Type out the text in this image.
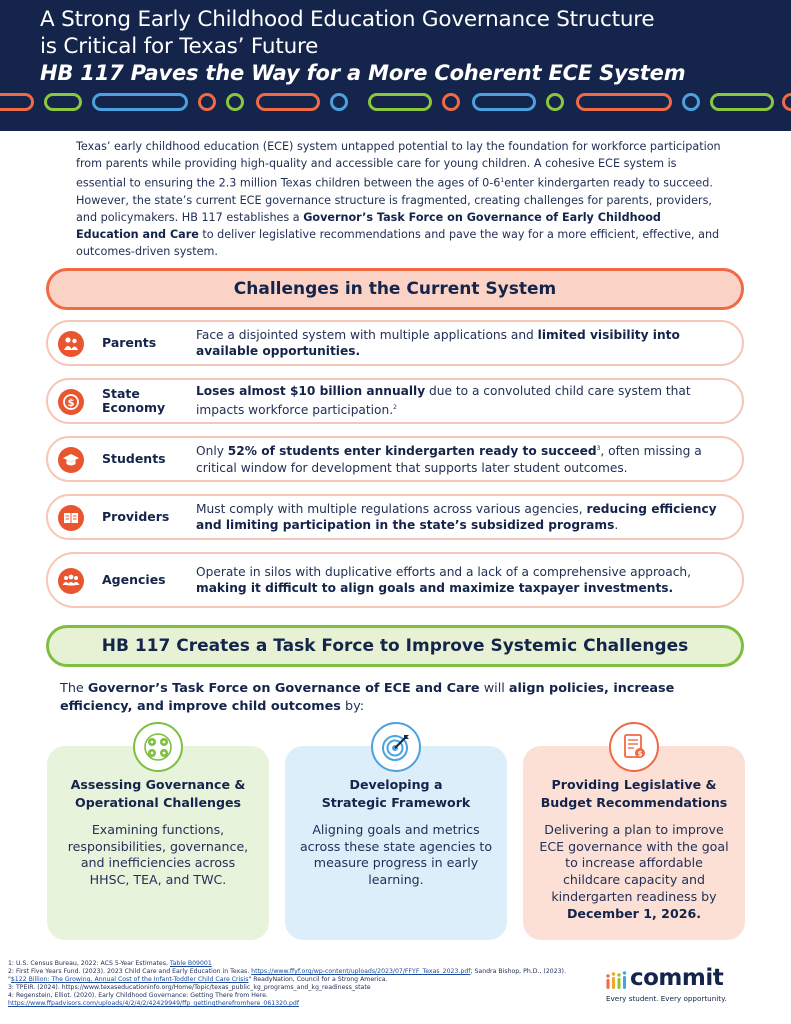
A Strong Early Childhood Education Governance Structure
is Critical for Texas’ Future
HB 117 Paves the Way for a More Coherent ECE System

Texas’ early childhood education (ECE) system untapped potential to lay the foundation for workforce participation from parents while providing high-quality and accessible care for young children. A cohesive ECE system is essential to ensuring the 2.3 million Texas children between the ages of $0-6^1enter$ kindergarten ready to succeed. However, the state’s current ECE governance structure is fragmented, creating challenges for parents, providers, and policymakers. HB 117 establishes a Governor’s Task Force on Governance of Early Childhood Education and Care to deliver legislative recommendations and pave the way for a more efficient, effective, and outcomes-driven system.

Challenges in the Current System
Parents
Face a disjointed system with multiple applications and limited visibility into available opportunities.
$
State Economy
Loses almost $10 billion annually due to a convoluted child care system that impacts workforce participation.$^2$
Students	Only 52% of students enter kindergarten ready to succeed$^3$, often missing a critical window for development that supports later student outcomes.
Providers
Must comply with multiple regulations across various agencies, reducing efficiency and limiting participation in the state’s subsidized programs.
Agencies
Operate in silos with duplicative efforts and a lack of a comprehensive approach, making it difficult to align goals and maximize taxpayer investments.
HB 117 Creates a Task Force to Improve Systemic Challenges

The Governor’s Task Force on Governance of ECE and Care will align policies, increase efficiency, and improve child outcomes by:

Assessing Governance &
Operational Challenges
Examining functions, responsibilities, governance, and inefficiencies across HHSC, TEA, and TWC.
Developing a
Strategic Framework
Aligning goals and metrics across these state agencies to measure progress in early learning.
Providing Legislative &
Budget Recommendations
Delivering a plan to improve ECE governance with the goal to increase affordable childcare capacity and kindergarten readiness by December 1, 2026.
$
1: U.S. Census Bureau, 2022: ACS 5-Year Estimates, Table B09001
2: First Five Years Fund. (2023). 2023 Child Care and Early Education in Texas. https://www.ffyf.org/wp-content/uploads/2023/07/FFYF_Texas_2023.pdf; Sandra Bishop, Ph.D., (2023). "$122 Billion: The Growing, Annual Cost of the Infant-Toddler Child Care Crisis" ReadyNation, Council for a Strong America.
3: TPEIR. (2024). https://www.texaseducationinfo.org/Home/Topic/texas_public_kg_programs_and_kg_readiness_state
4: Regenstein, Elliot. (2020). Early Childhood Governance: Getting There from Here.
https://www.ffpadvisors.com/uploads/4/2/4/2/42429949/ffp_gettingtherefromhere_061320.pdf
commit
Every student. Every opportunity.
